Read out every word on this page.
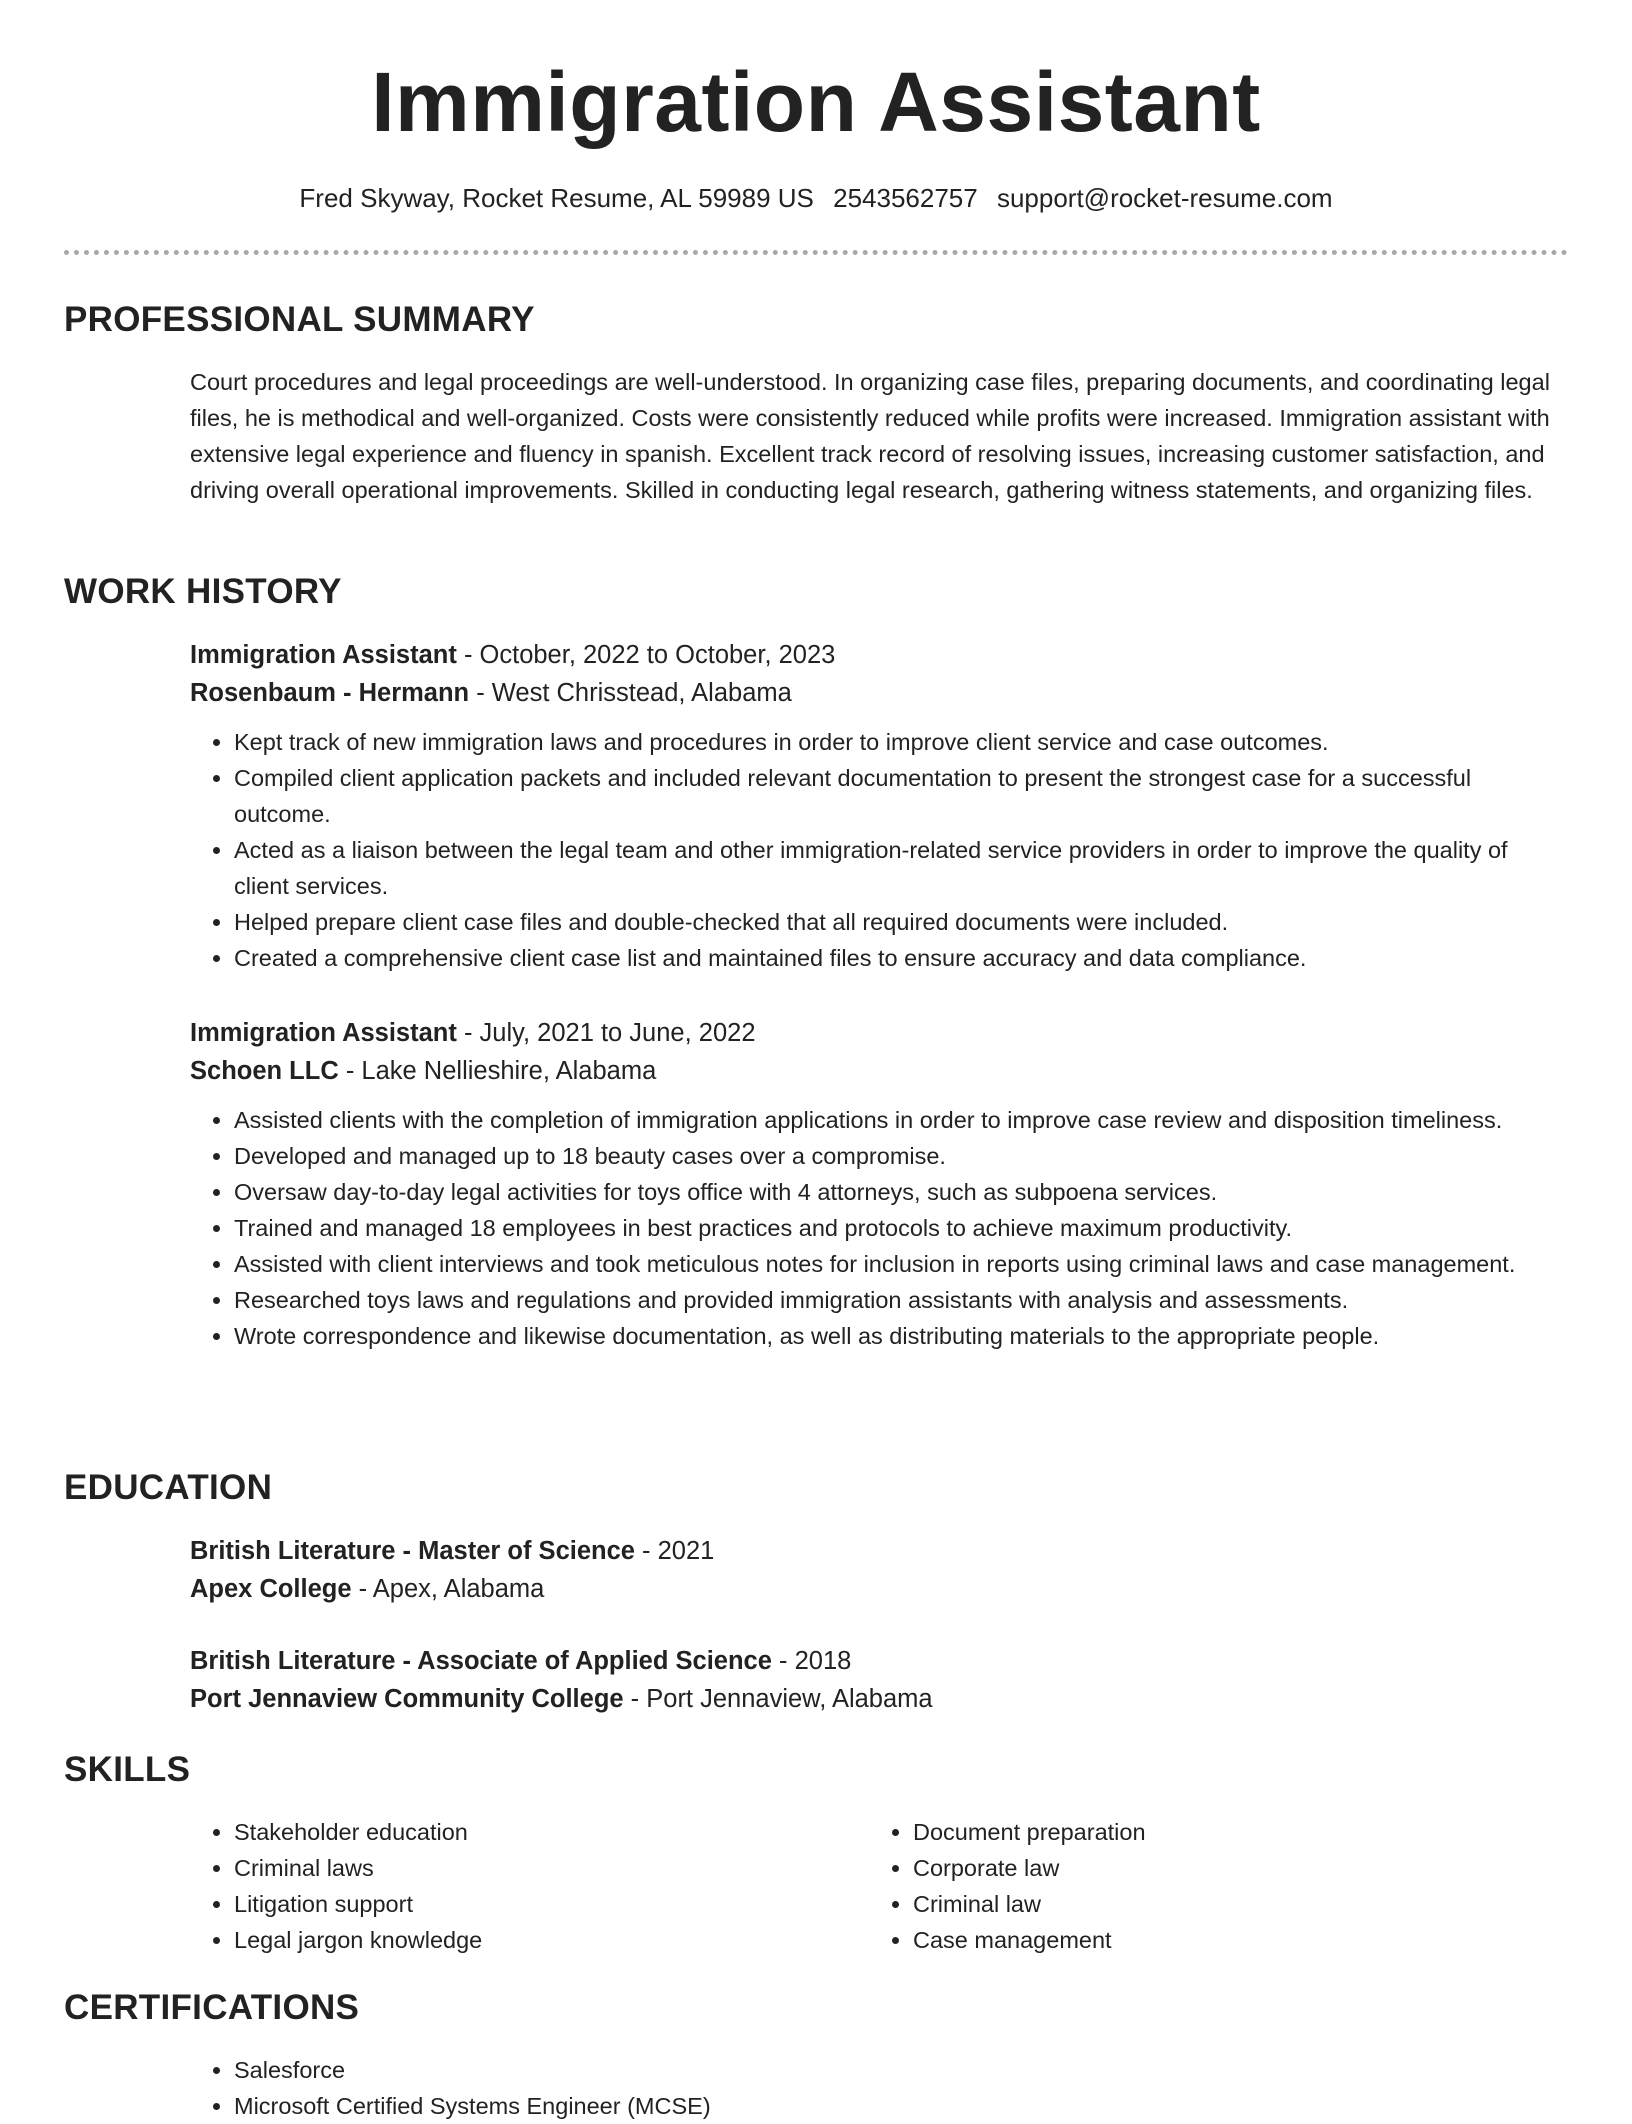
Immigration Assistant
Fred Skyway, Rocket Resume, AL 59989 US 2543562757 support@rocket-resume.com
PROFESSIONAL SUMMARY
Court procedures and legal proceedings are well-understood. In organizing case files, preparing documents, and coordinating legal files, he is methodical and well-organized. Costs were consistently reduced while profits were increased. Immigration assistant with extensive legal experience and fluency in spanish. Excellent track record of resolving issues, increasing customer satisfaction, and driving overall operational improvements. Skilled in conducting legal research, gathering witness statements, and organizing files.
WORK HISTORY
Immigration Assistant - October, 2022 to October, 2023
Rosenbaum - Hermann - West Chrisstead, Alabama
• Kept track of new immigration laws and procedures in order to improve client service and case outcomes.
• Compiled client application packets and included relevant documentation to present the strongest case for a successful outcome.
• Acted as a liaison between the legal team and other immigration-related service providers in order to improve the quality of client services.
• Helped prepare client case files and double-checked that all required documents were included.
• Created a comprehensive client case list and maintained files to ensure accuracy and data compliance.
Immigration Assistant - July, 2021 to June, 2022
Schoen LLC - Lake Nellieshire, Alabama
• Assisted clients with the completion of immigration applications in order to improve case review and disposition timeliness.
• Developed and managed up to 18 beauty cases over a compromise.
• Oversaw day-to-day legal activities for toys office with 4 attorneys, such as subpoena services.
• Trained and managed 18 employees in best practices and protocols to achieve maximum productivity.
• Assisted with client interviews and took meticulous notes for inclusion in reports using criminal laws and case management.
• Researched toys laws and regulations and provided immigration assistants with analysis and assessments.
• Wrote correspondence and likewise documentation, as well as distributing materials to the appropriate people.
EDUCATION
British Literature - Master of Science - 2021
Apex College - Apex, Alabama
British Literature - Associate of Applied Science - 2018
Port Jennaview Community College - Port Jennaview, Alabama
SKILLS
• Stakeholder education
• Criminal laws
• Litigation support
• Legal jargon knowledge
• Document preparation
• Corporate law
• Criminal law
• Case management
CERTIFICATIONS
• Salesforce
• Microsoft Certified Systems Engineer (MCSE)
